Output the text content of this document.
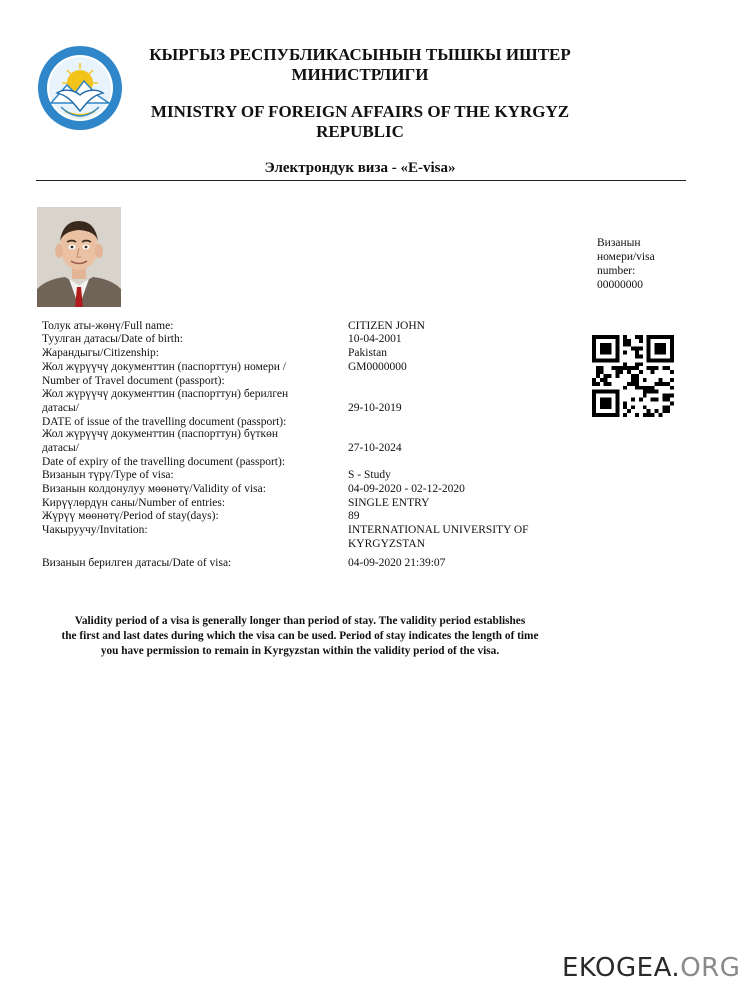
КЫРГЫЗ РЕСПУБЛИКАСЫНЫН ТЫШКЫ ИШТЕР
МИНИСТРЛИГИ
MINISTRY OF FOREIGN AFFAIRS OF THE KYRGYZ
REPUBLIC
Электрондук виза - «E-visa»
Визанын
номери/visa
number:
00000000
Толук аты-жөнү/Full name:
Туулган датасы/Date of birth:
Жарандыгы/Citizenship:
Жол жүрүүчү документтин (паспорттун) номери /
Number of Travel document (passport):
Жол жүрүүчү документтин (паспорттун) берилген
датасы/
DATE of issue of the travelling document (passport):
Жол жүрүүчү документтин (паспорттун) бүткөн
датасы/
Date of expiry of the travelling document (passport):
Визанын түрү/Type of visa:
Визанын колдонулуу мөөнөтү/Validity of visa:
Кирүүлөрдүн саны/Number of entries:
Жүрүү мөөнөтү/Period of stay(days):
Чакыруучу/Invitation:
Визанын берилген датасы/Date of visa:
CITIZEN JOHN
10-04-2001
Pakistan
GM0000000
29-10-2019
27-10-2024
S - Study
04-09-2020 - 02-12-2020
SINGLE ENTRY
89
INTERNATIONAL UNIVERSITY OF
KYRGYZSTAN
04-09-2020 21:39:07
Validity period of a visa is generally longer than period of stay. The validity period establishes
the first and last dates during which the visa can be used. Period of stay indicates the length of time
you have permission to remain in Kyrgyzstan within the validity period of the visa.
EKOGEA.ORG
